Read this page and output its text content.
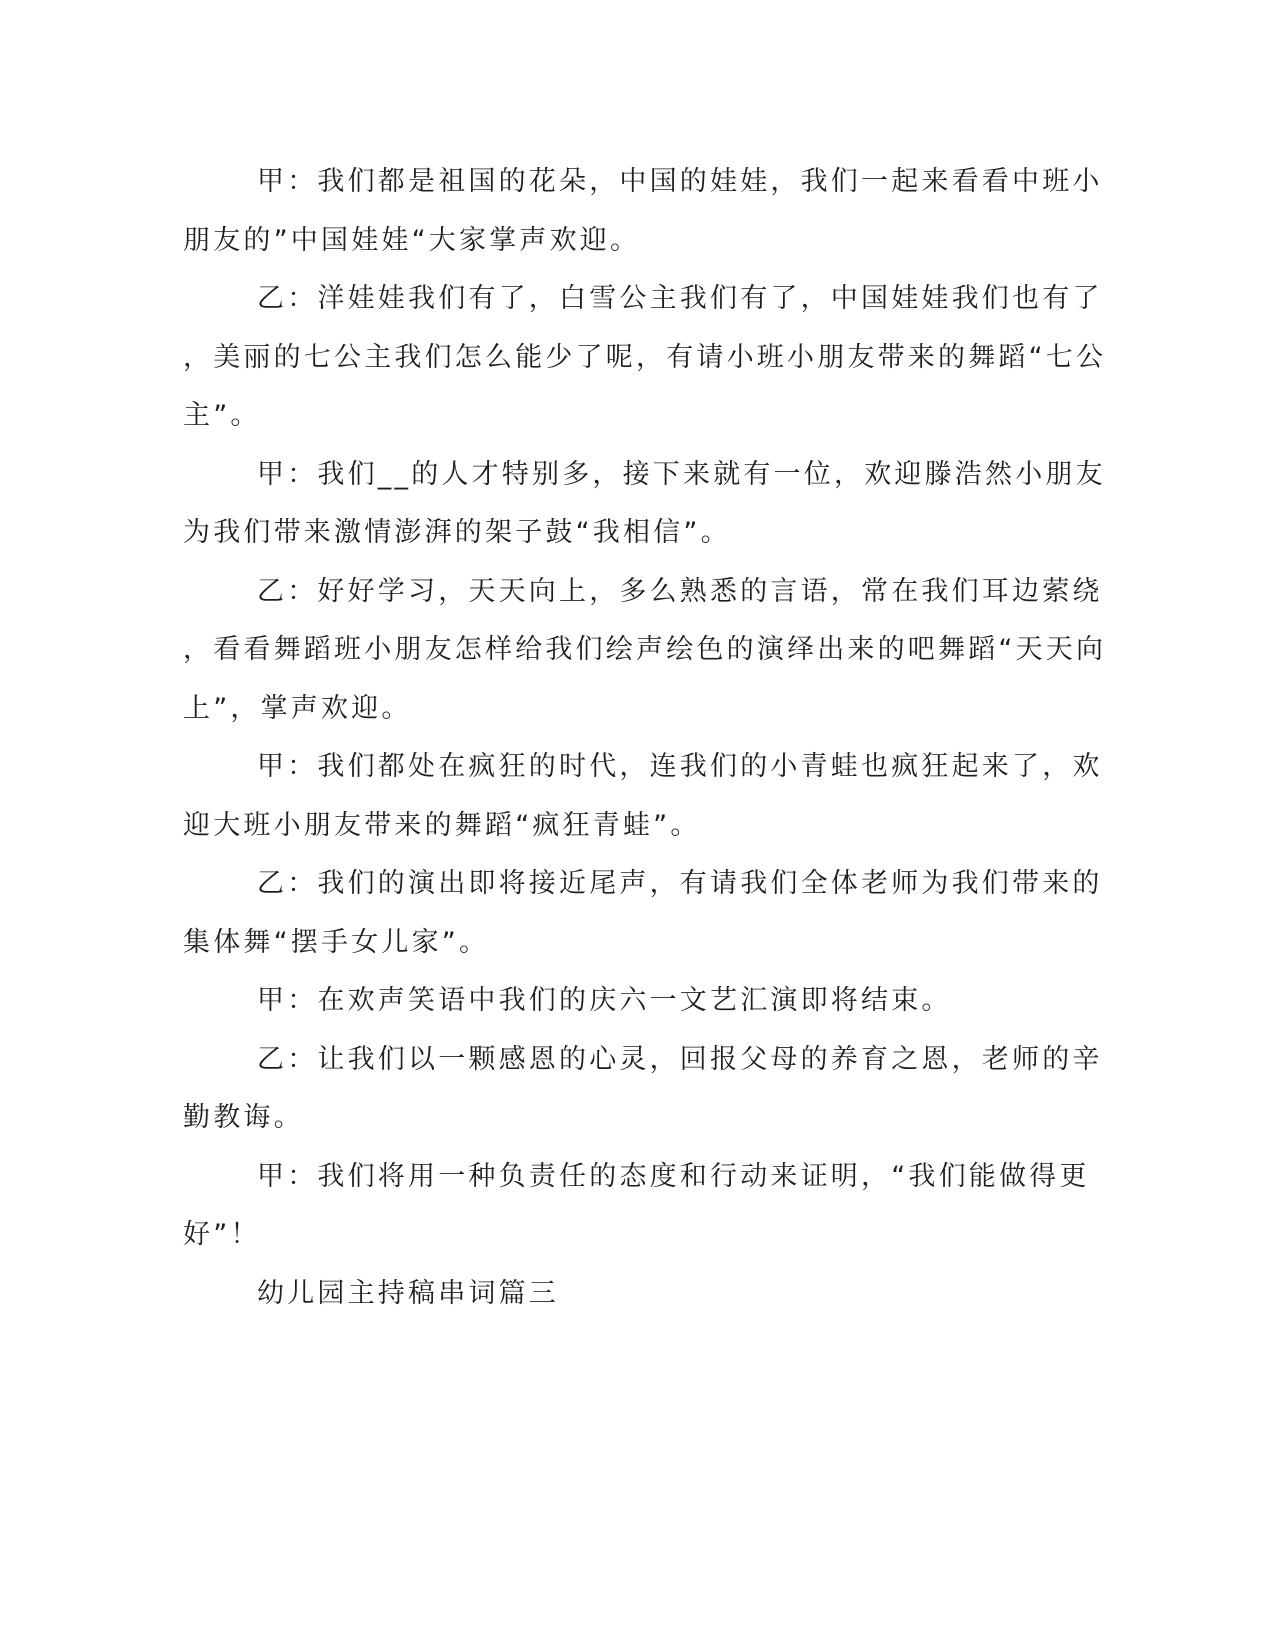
甲：我们都是祖国的花朵，中国的娃娃，我们一起来看看中班小
朋友的”中国娃娃“大家掌声欢迎。

乙：洋娃娃我们有了，白雪公主我们有了，中国娃娃我们也有了
，美丽的七公主我们怎么能少了呢，有请小班小朋友带来的舞蹈“七公
主”。

甲：我们__的人才特别多，接下来就有一位，欢迎滕浩然小朋友
为我们带来激情澎湃的架子鼓“我相信”。

乙：好好学习，天天向上，多么熟悉的言语，常在我们耳边萦绕
，看看舞蹈班小朋友怎样给我们绘声绘色的演绎出来的吧舞蹈“天天向
上”，掌声欢迎。

甲：我们都处在疯狂的时代，连我们的小青蛙也疯狂起来了，欢
迎大班小朋友带来的舞蹈“疯狂青蛙”。

乙：我们的演出即将接近尾声，有请我们全体老师为我们带来的
集体舞“摆手女儿家”。

甲：在欢声笑语中我们的庆六一文艺汇演即将结束。

乙：让我们以一颗感恩的心灵，回报父母的养育之恩，老师的辛
勤教诲。

甲：我们将用一种负责任的态度和行动来证明，“我们能做得更
好”！

幼儿园主持稿串词篇三
